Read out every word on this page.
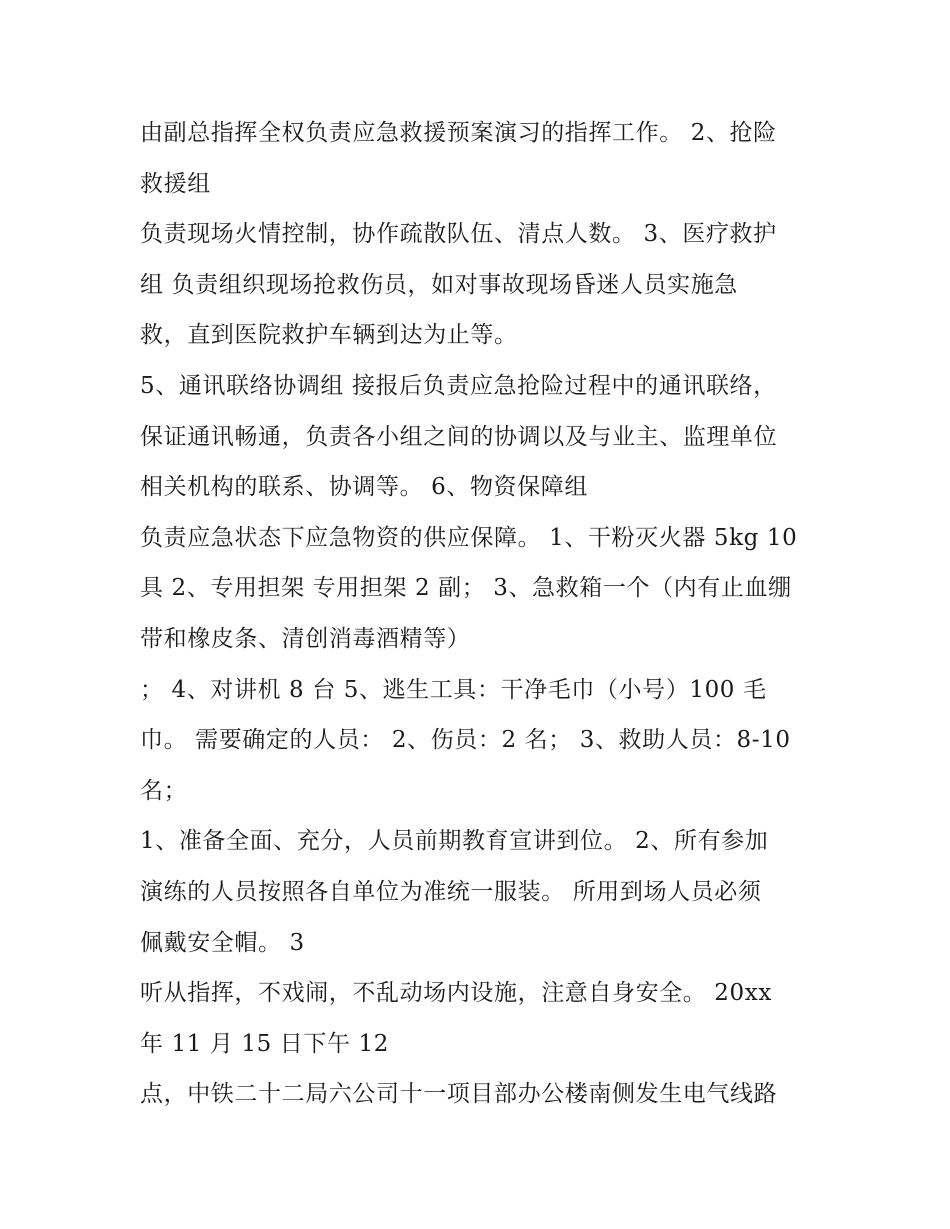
由副总指挥全权负责应急救援预案演习的指挥工作。 2、抢险
救援组
负责现场火情控制，协作疏散队伍、清点人数。 3、医疗救护
组 负责组织现场抢救伤员，如对事故现场昏迷人员实施急
救，直到医院救护车辆到达为止等。
5、通讯联络协调组 接报后负责应急抢险过程中的通讯联络，
保证通讯畅通，负责各小组之间的协调以及与业主、监理单位
相关机构的联系、协调等。 6、物资保障组
负责应急状态下应急物资的供应保障。 1、干粉灭火器 5kg 10
具 2、专用担架 专用担架 2 副； 3、急救箱一个（内有止血绷
带和橡皮条、清创消毒酒精等）
； 4、对讲机 8 台 5、逃生工具：干净毛巾（小号）100 毛
巾。 需要确定的人员： 2、伤员：2 名； 3、救助人员：8-10
名；
1、准备全面、充分，人员前期教育宣讲到位。 2、所有参加
演练的人员按照各自单位为准统一服装。 所用到场人员必须
佩戴安全帽。 3
听从指挥，不戏闹，不乱动场内设施，注意自身安全。 20xx
年 11 月 15 日下午 12
点，中铁二十二局六公司十一项目部办公楼南侧发生电气线路
